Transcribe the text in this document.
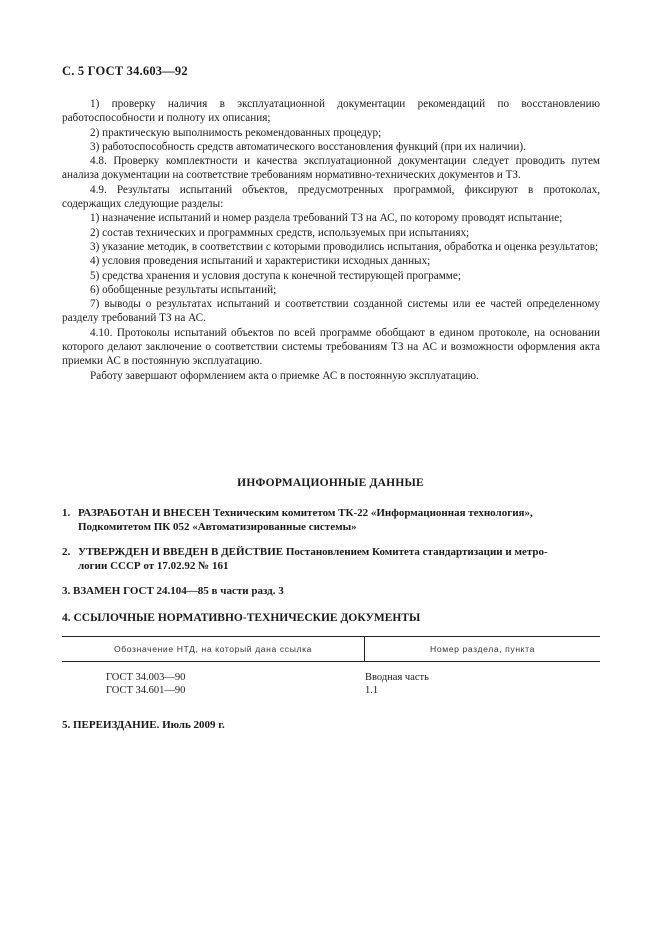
С. 5 ГОСТ 34.603—92

1) проверку наличия в эксплуатационной документации рекомендаций по восстановлению работоспособности и полноту их описания;

2) практическую выполнимость рекомендованных процедур;

3) работоспособность средств автоматического восстановления функций (при их наличии).

4.8. Проверку комплектности и качества эксплуатационной документации следует проводить путем анализа документации на соответствие требованиям нормативно-технических документов и ТЗ.

4.9. Результаты испытаний объектов, предусмотренных программой, фиксируют в протоколах, содержащих следующие разделы:

1) назначение испытаний и номер раздела требований ТЗ на АС, по которому проводят испытание;

2) состав технических и программных средств, используемых при испытаниях;

3) указание методик, в соответствии с которыми проводились испытания, обработка и оценка результатов;

4) условия проведения испытаний и характеристики исходных данных;

5) средства хранения и условия доступа к конечной тестирующей программе;

6) обобщенные результаты испытаний;

7) выводы о результатах испытаний и соответствии созданной системы или ее частей определенному разделу требований ТЗ на АС.

4.10. Протоколы испытаний объектов по всей программе обобщают в едином протоколе, на основании которого делают заключение о соответствии системы требованиям ТЗ на АС и возможности оформления акта приемки АС в постоянную эксплуатацию.

Работу завершают оформлением акта о приемке АС в постоянную эксплуатацию.

ИНФОРМАЦИОННЫЕ ДАННЫЕ
1. РАЗРАБОТАН И ВНЕСЕН Техническим комитетом ТК-22 «Информационная технология»,
Подкомитетом ПК 052 «Автоматизированные системы»
2. УТВЕРЖДЕН И ВВЕДЕН В ДЕЙСТВИЕ Постановлением Комитета стандартизации и метро-
логии СССР от 17.02.92 № 161
3. ВЗАМЕН ГОСТ 24.104—85 в части разд. 3
4. ССЫЛОЧНЫЕ НОРМАТИВНО-ТЕХНИЧЕСКИЕ ДОКУМЕНТЫ
Обозначение НТД, на который дана ссылка	Номер раздела, пункта
ГОСТ 34.003—90
ГОСТ 34.601—90
Вводная часть
1.1
5. ПЕРЕИЗДАНИЕ. Июль 2009 г.
